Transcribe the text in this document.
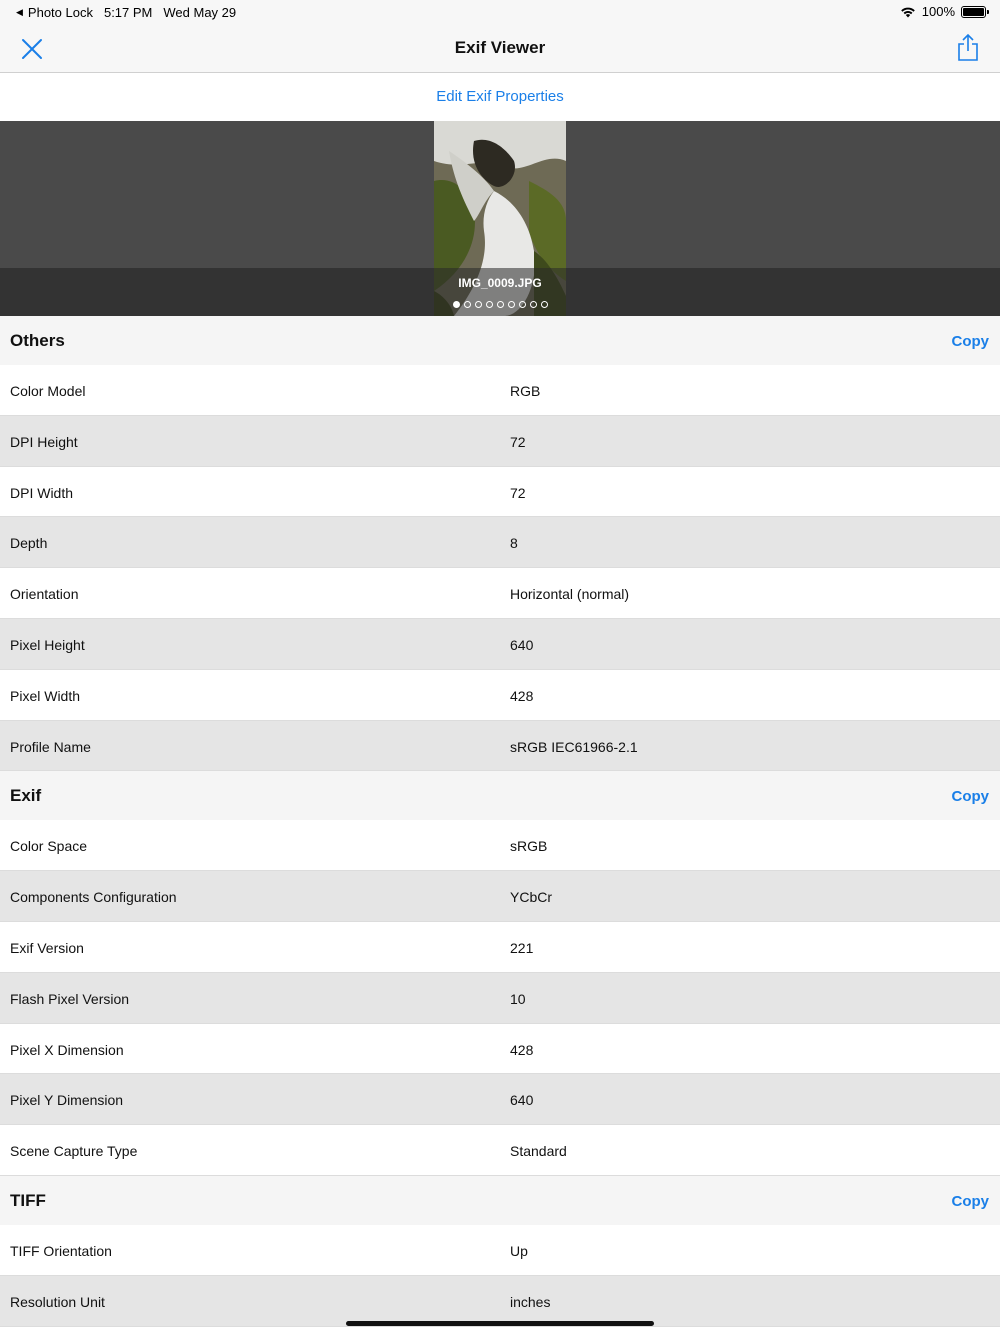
◀ Photo Lock 5:17 PM Wed May 29	100%
Exif Viewer
Edit Exif Properties
IMG_0009.JPG
Others	Copy
Color Model	RGB
DPI Height	72
DPI Width	72
Depth	8
Orientation	Horizontal (normal)
Pixel Height	640
Pixel Width	428
Profile Name	sRGB IEC61966-2.1
Exif	Copy
Color Space	sRGB
Components Configuration	YCbCr
Exif Version	221
Flash Pixel Version	10
Pixel X Dimension	428
Pixel Y Dimension	640
Scene Capture Type	Standard
TIFF	Copy
TIFF Orientation	Up
Resolution Unit	inches
